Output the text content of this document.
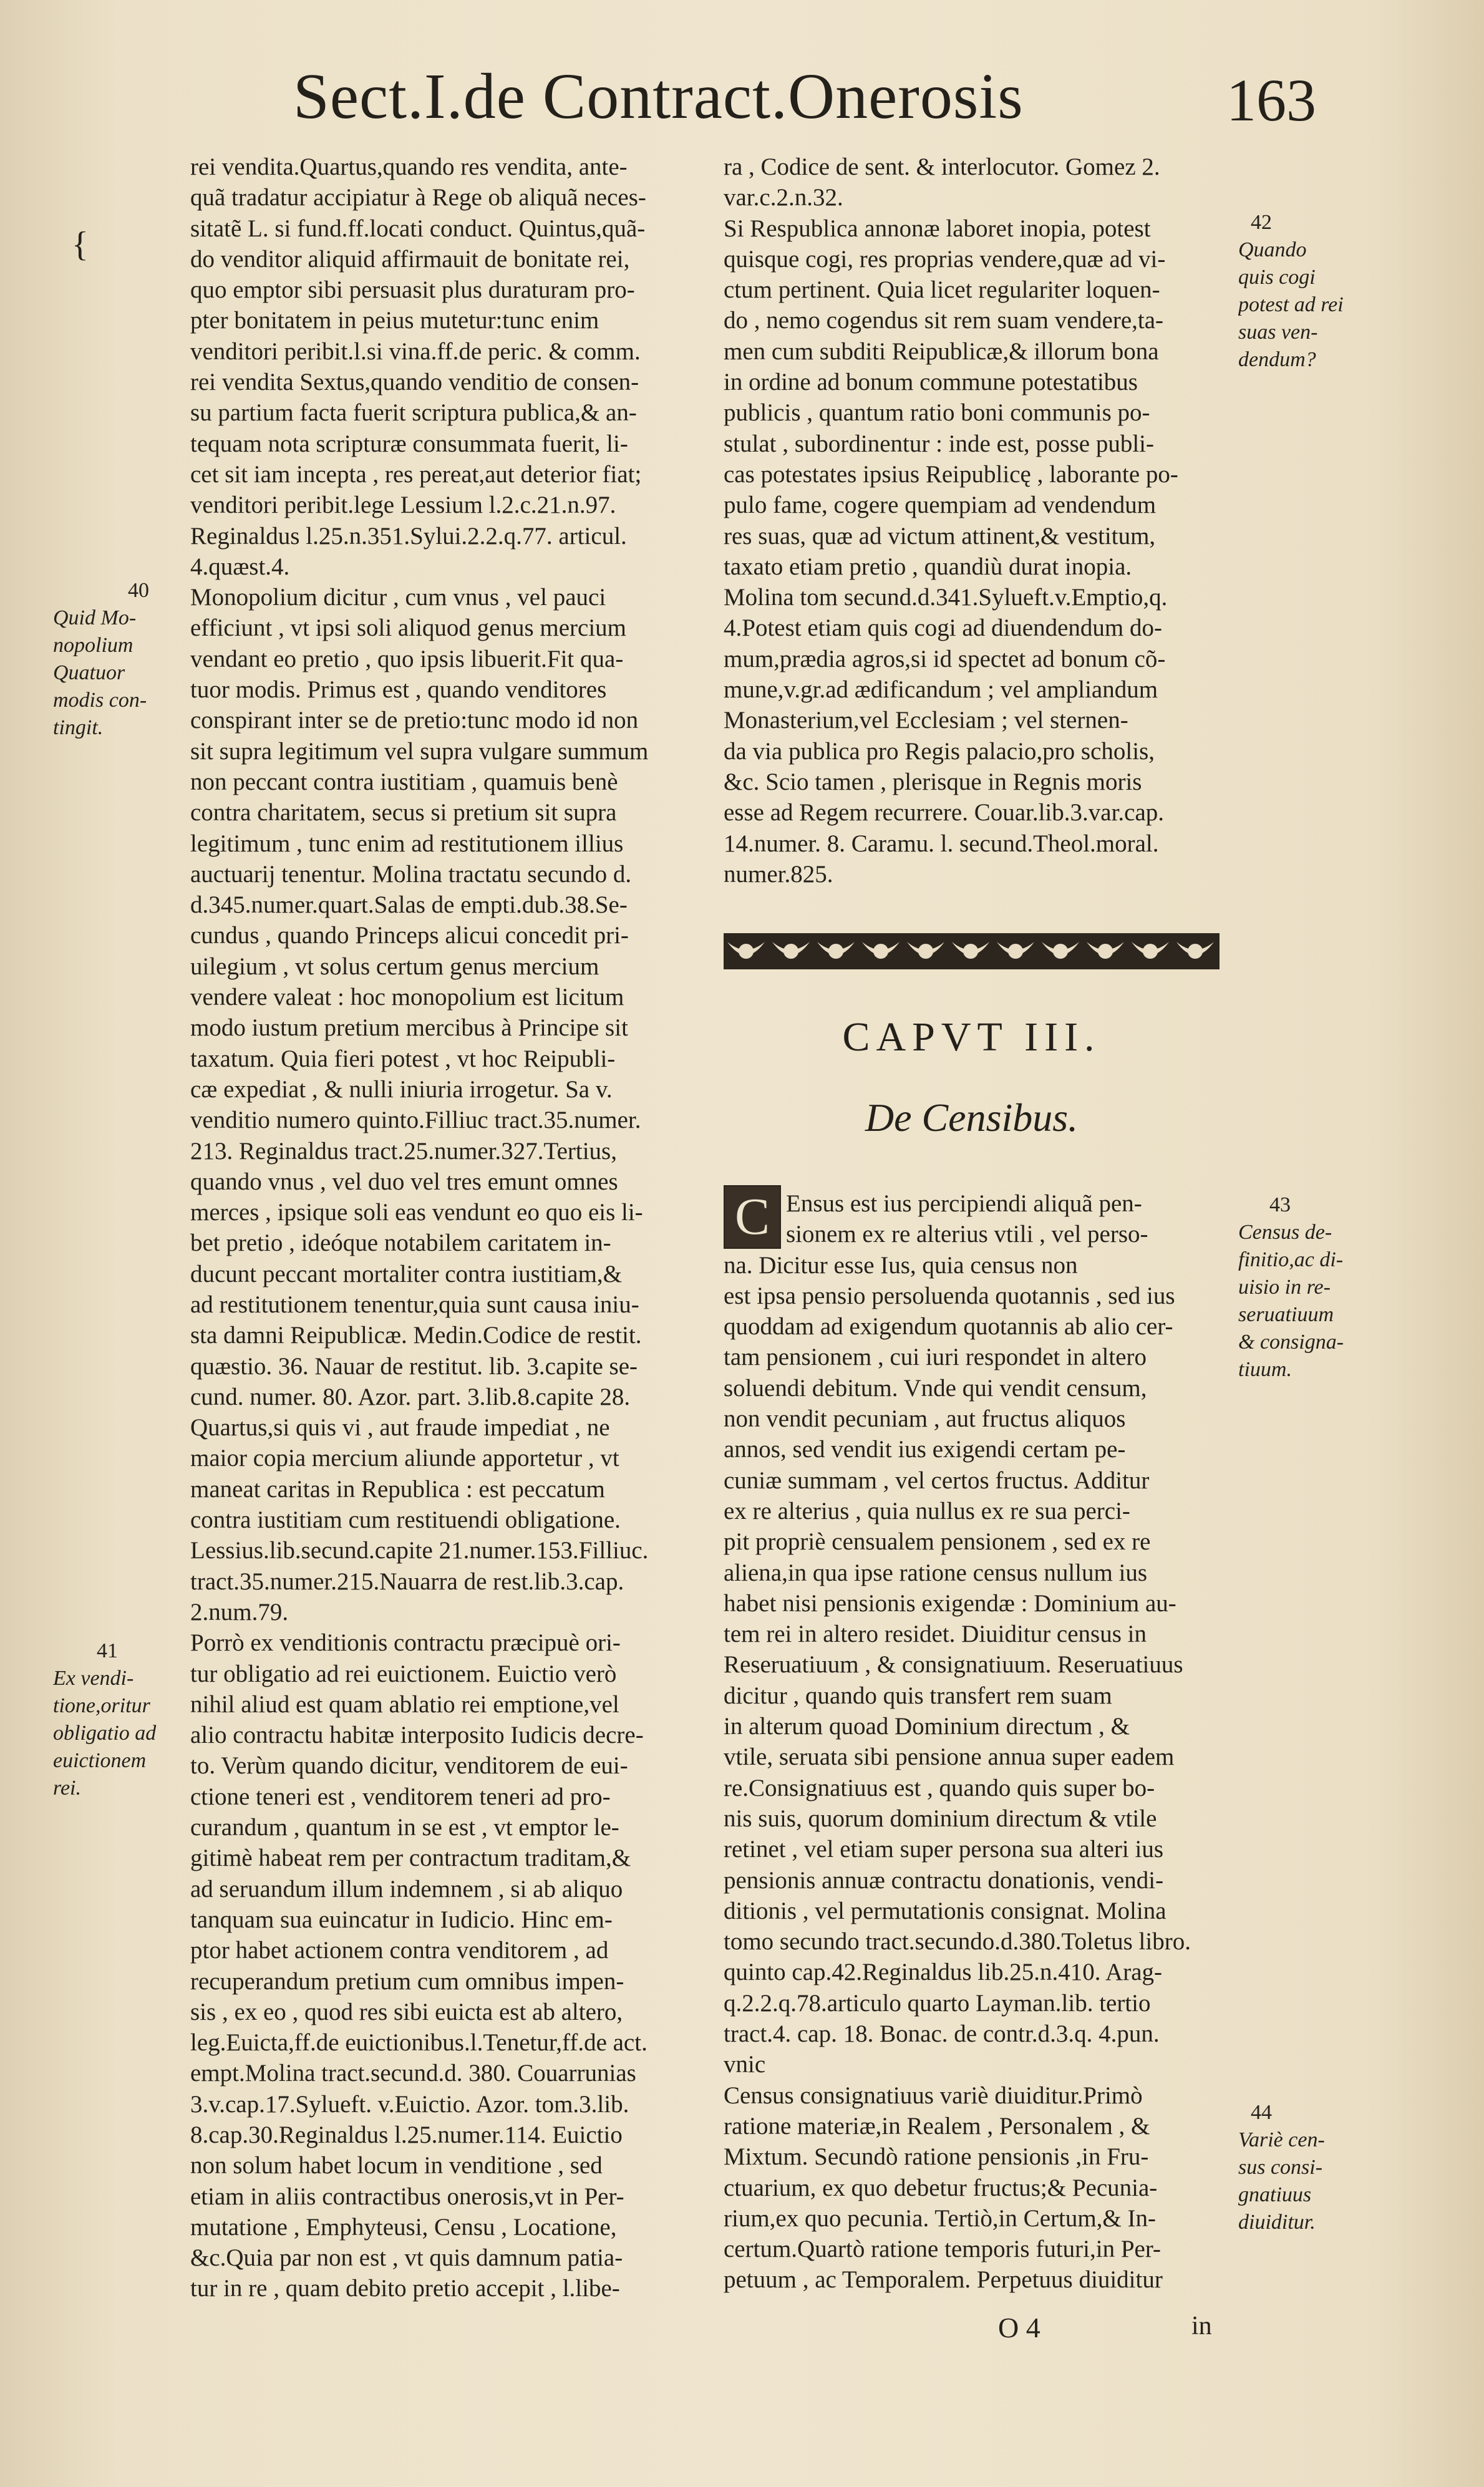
Sect.I.de Contract.Onerosis	163
{
rei vendita.Quartus,quando res vendita, ante-
quã tradatur accipiatur à Rege ob aliquã neces-
sitatẽ L. si fund.ff.locati conduct. Quintus,quã-
do venditor aliquid affirmauit de bonitate rei,
quo emptor sibi persuasit plus duraturam pro-
pter bonitatem in peius mutetur:tunc enim
venditori peribit.l.si vina.ff.de peric. & comm.
rei vendita Sextus,quando venditio de consen-
su partium facta fuerit scriptura publica,& an-
tequam nota scripturæ consummata fuerit, li-
cet sit iam incepta , res pereat,aut deterior fiat;
venditori peribit.lege Lessium l.2.c.21.n.97.
Reginaldus l.25.n.351.Sylui.2.2.q.77. articul.
4.quæst.4.
Monopolium dicitur , cum vnus , vel pauci
efficiunt , vt ipsi soli aliquod genus mercium
vendant eo pretio , quo ipsis libuerit.Fit qua-
tuor modis. Primus est , quando venditores
conspirant inter se de pretio:tunc modo id non
sit supra legitimum vel supra vulgare summum
non peccant contra iustitiam , quamuis benè
contra charitatem, secus si pretium sit supra
legitimum , tunc enim ad restitutionem illius
auctuarij tenentur. Molina tractatu secundo d.
d.345.numer.quart.Salas de empti.dub.38.Se-
cundus , quando Princeps alicui concedit pri-
uilegium , vt solus certum genus mercium
vendere valeat : hoc monopolium est licitum
modo iustum pretium mercibus à Principe sit
taxatum. Quia fieri potest , vt hoc Reipubli-
cæ expediat , & nulli iniuria irrogetur. Sa v.
venditio numero quinto.Filliuc tract.35.numer.
213. Reginaldus tract.25.numer.327.Tertius,
quando vnus , vel duo vel tres emunt omnes
merces , ipsique soli eas vendunt eo quo eis li-
bet pretio , ideóque notabilem caritatem in-
ducunt peccant mortaliter contra iustitiam,&
ad restitutionem tenentur,quia sunt causa iniu-
sta damni Reipublicæ. Medin.Codice de restit.
quæstio. 36. Nauar de restitut. lib. 3.capite se-
cund. numer. 80. Azor. part. 3.lib.8.capite 28.
Quartus,si quis vi , aut fraude impediat , ne
maior copia mercium aliunde apportetur , vt
maneat caritas in Republica : est peccatum
contra iustitiam cum restituendi obligatione.
Lessius.lib.secund.capite 21.numer.153.Filliuc.
tract.35.numer.215.Nauarra de rest.lib.3.cap.
2.num.79.
Porrò ex venditionis contractu præcipuè ori-
tur obligatio ad rei euictionem. Euictio verò
nihil aliud est quam ablatio rei emptione,vel
alio contractu habitæ interposito Iudicis decre-
to. Verùm quando dicitur, venditorem de eui-
ctione teneri est , venditorem teneri ad pro-
curandum , quantum in se est , vt emptor le-
gitimè habeat rem per contractum traditam,&
ad seruandum illum indemnem , si ab aliquo
tanquam sua euincatur in Iudicio. Hinc em-
ptor habet actionem contra venditorem , ad
recuperandum pretium cum omnibus impen-
sis , ex eo , quod res sibi euicta est ab altero,
leg.Euicta,ff.de euictionibus.l.Tenetur,ff.de act.
empt.Molina tract.secund.d. 380. Couarrunias
3.v.cap.17.Sylueft. v.Euictio. Azor. tom.3.lib.
8.cap.30.Reginaldus l.25.numer.114. Euictio
non solum habet locum in venditione , sed
etiam in aliis contractibus onerosis,vt in Per-
mutatione , Emphyteusi, Censu , Locatione,
&c.Quia par non est , vt quis damnum patia-
tur in re , quam debito pretio accepit , l.libe-
ra , Codice de sent. & interlocutor. Gomez 2.
var.c.2.n.32.
Si Respublica annonæ laboret inopia, potest
quisque cogi, res proprias vendere,quæ ad vi-
ctum pertinent. Quia licet regulariter loquen-
do , nemo cogendus sit rem suam vendere,ta-
men cum subditi Reipublicæ,& illorum bona
in ordine ad bonum commune potestatibus
publicis , quantum ratio boni communis po-
stulat , subordinentur : inde est, posse publi-
cas potestates ipsius Reipublicę , laborante po-
pulo fame, cogere quempiam ad vendendum
res suas, quæ ad victum attinent,& vestitum,
taxato etiam pretio , quandiù durat inopia.
Molina tom secund.d.341.Sylueft.v.Emptio,q.
4.Potest etiam quis cogi ad diuendendum do-
mum,prædia agros,si id spectet ad bonum cõ-
mune,v.gr.ad ædificandum ; vel ampliandum
Monasterium,vel Ecclesiam ; vel sternen-
da via publica pro Regis palacio,pro scholis,
&c. Scio tamen , plerisque in Regnis moris
esse ad Regem recurrere. Couar.lib.3.var.cap.
14.numer. 8. Caramu. l. secund.Theol.moral.
numer.825.
CAPVT III.
De Censibus.
C Ensus est ius percipiendi aliquã pen-
sionem ex re alterius vtili , vel perso-
na. Dicitur esse Ius, quia census non
est ipsa pensio persoluenda quotannis , sed ius
quoddam ad exigendum quotannis ab alio cer-
tam pensionem , cui iuri respondet in altero
soluendi debitum. Vnde qui vendit censum,
non vendit pecuniam , aut fructus aliquos
annos, sed vendit ius exigendi certam pe-
cuniæ summam , vel certos fructus. Additur
ex re alterius , quia nullus ex re sua perci-
pit propriè censualem pensionem , sed ex re
aliena,in qua ipse ratione census nullum ius
habet nisi pensionis exigendæ : Dominium au-
tem rei in altero residet. Diuiditur census in
Reseruatiuum , & consignatiuum. Reseruatiuus
dicitur , quando quis transfert rem suam
in alterum quoad Dominium directum , &
vtile, seruata sibi pensione annua super eadem
re.Consignatiuus est , quando quis super bo-
nis suis, quorum dominium directum & vtile
retinet , vel etiam super persona sua alteri ius
pensionis annuæ contractu donationis, vendi-
ditionis , vel permutationis consignat. Molina
tomo secundo tract.secundo.d.380.Toletus libro.
quinto cap.42.Reginaldus lib.25.n.410. Arag-
q.2.2.q.78.articulo quarto Layman.lib. tertio
tract.4. cap. 18. Bonac. de contr.d.3.q. 4.pun.
vnic
Census consignatiuus variè diuiditur.Primò
ratione materiæ,in Realem , Personalem , &
Mixtum. Secundò ratione pensionis ,in Fru-
ctuarium, ex quo debetur fructus;& Pecunia-
rium,ex quo pecunia. Tertiò,in Certum,& In-
certum.Quartò ratione temporis futuri,in Per-
petuum , ac Temporalem. Perpetuus diuiditur
40
Quid Mo-
nopolium
Quatuor
modis con-
tingit.
41
Ex vendi-
tione,oritur
obligatio ad
euictionem
rei.
42
Quando
quis cogi
potest ad rei
suas ven-
dendum?
43
Census de-
finitio,ac di-
uisio in re-
seruatiuum
& consigna-
tiuum.
44
Variè cen-
sus consi-
gnatiuus
diuiditur.
O 4	in
